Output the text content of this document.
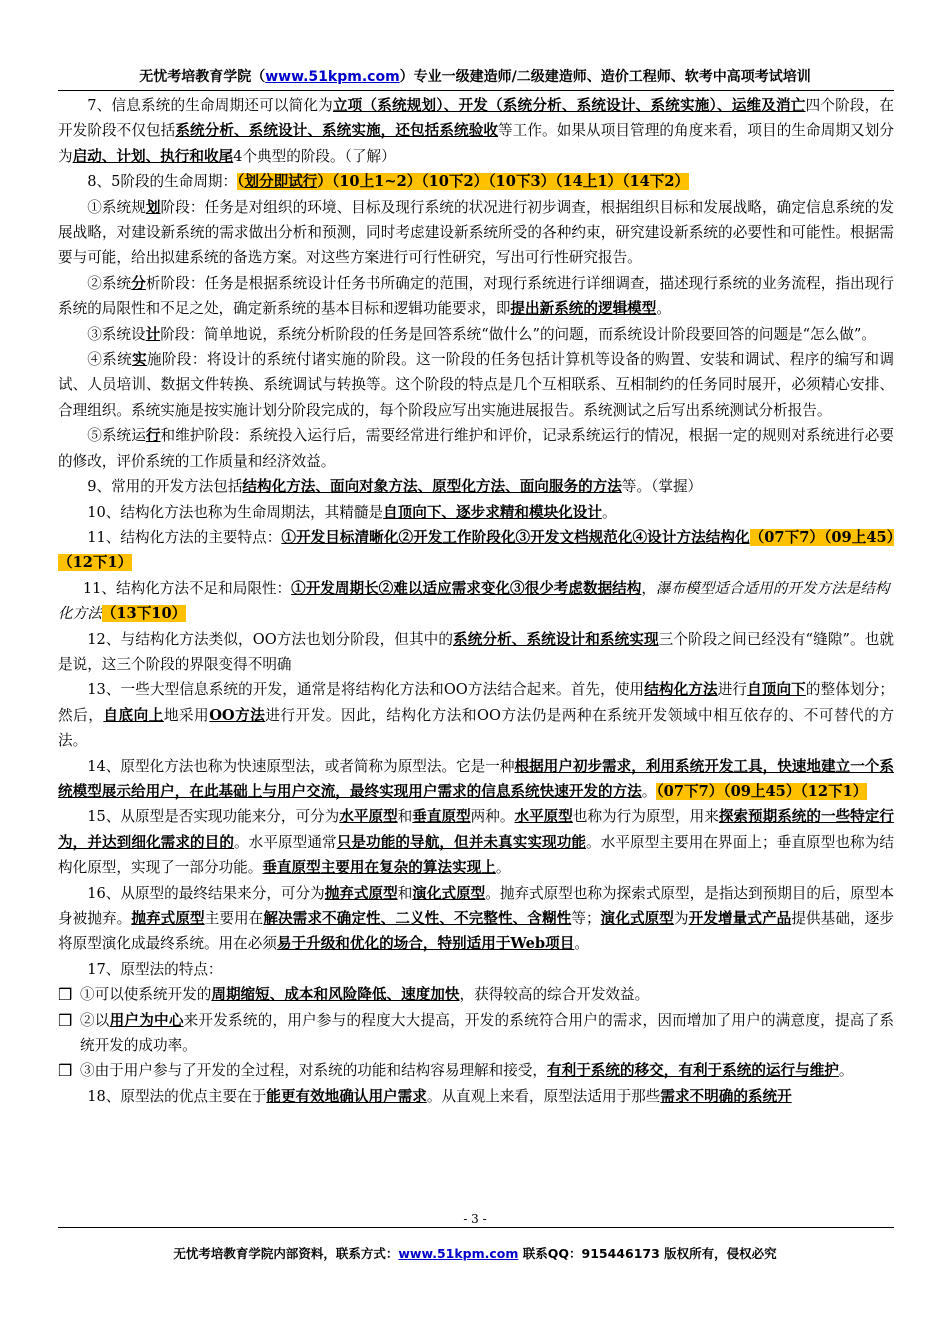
无忧考培教育学院（www.51kpm.com）专业一级建造师/二级建造师、造价工程师、软考中高项考试培训

7、信息系统的生命周期还可以简化为立项（系统规划）、开发（系统分析、系统设计、系统实施）、运维及消亡四个阶段，在开发阶段不仅包括系统分析、系统设计、系统实施，还包括系统验收等工作。如果从项目管理的角度来看，项目的生命周期又划分为启动、计划、执行和收尾4个典型的阶段。（了解）

8、5阶段的生命周期：（划分即试行）（10上1~2）（10下2）（10下3）（14上1）（14下2）

①系统规划阶段：任务是对组织的环境、目标及现行系统的状况进行初步调查，根据组织目标和发展战略，确定信息系统的发展战略，对建设新系统的需求做出分析和预测，同时考虑建设新系统所受的各种约束，研究建设新系统的必要性和可能性。根据需要与可能，给出拟建系统的备选方案。对这些方案进行可行性研究，写出可行性研究报告。

②系统分析阶段：任务是根据系统设计任务书所确定的范围，对现行系统进行详细调查，描述现行系统的业务流程，指出现行系统的局限性和不足之处，确定新系统的基本目标和逻辑功能要求，即提出新系统的逻辑模型。

③系统设计阶段：简单地说，系统分析阶段的任务是回答系统“做什么”的问题，而系统设计阶段要回答的问题是“怎么做”。

④系统实施阶段：将设计的系统付诸实施的阶段。这一阶段的任务包括计算机等设备的购置、安装和调试、程序的编写和调试、人员培训、数据文件转换、系统调试与转换等。这个阶段的特点是几个互相联系、互相制约的任务同时展开，必须精心安排、合理组织。系统实施是按实施计划分阶段完成的，每个阶段应写出实施进展报告。系统测试之后写出系统测试分析报告。

⑤系统运行和维护阶段：系统投入运行后，需要经常进行维护和评价，记录系统运行的情况，根据一定的规则对系统进行必要的修改，评价系统的工作质量和经济效益。

9、常用的开发方法包括结构化方法、面向对象方法、原型化方法、面向服务的方法等。（掌握）

10、结构化方法也称为生命周期法，其精髓是自顶向下、逐步求精和模块化设计。

11、结构化方法的主要特点：①开发目标清晰化②开发工作阶段化③开发文档规范化④设计方法结构化（07下7）（09上45）（12下1）

11、结构化方法不足和局限性：①开发周期长②难以适应需求变化③很少考虑数据结构，瀑布模型适合适用的开发方法是结构化方法（13下10）

12、与结构化方法类似，OO方法也划分阶段，但其中的系统分析、系统设计和系统实现三个阶段之间已经没有“缝隙”。也就是说，这三个阶段的界限变得不明确

13、一些大型信息系统的开发，通常是将结构化方法和OO方法结合起来。首先，使用结构化方法进行自顶向下的整体划分；然后，自底向上地采用OO方法进行开发。因此，结构化方法和OO方法仍是两种在系统开发领域中相互依存的、不可替代的方法。

14、原型化方法也称为快速原型法，或者简称为原型法。它是一种根据用户初步需求，利用系统开发工具，快速地建立一个系统模型展示给用户，在此基础上与用户交流，最终实现用户需求的信息系统快速开发的方法。（07下7）（09上45）（12下1）

15、从原型是否实现功能来分，可分为水平原型和垂直原型两种。水平原型也称为行为原型，用来探索预期系统的一些特定行为，并达到细化需求的目的。水平原型通常只是功能的导航，但并未真实实现功能。水平原型主要用在界面上；垂直原型也称为结构化原型，实现了一部分功能。垂直原型主要用在复杂的算法实现上。

16、从原型的最终结果来分，可分为抛弃式原型和演化式原型。抛弃式原型也称为探索式原型，是指达到预期目的后，原型本身被抛弃。抛弃式原型主要用在解决需求不确定性、二义性、不完整性、含糊性等；演化式原型为开发增量式产品提供基础，逐步将原型演化成最终系统。用在必须易于升级和优化的场合，特别适用于Web项目。

17、原型法的特点：

❒ ①可以使系统开发的周期缩短、成本和风险降低、速度加快，获得较高的综合开发效益。
❒ ②以用户为中心来开发系统的，用户参与的程度大大提高，开发的系统符合用户的需求，因而增加了用户的满意度，提高了系统开发的成功率。
❒ ③由于用户参与了开发的全过程，对系统的功能和结构容易理解和接受，有利于系统的移交，有利于系统的运行与维护。

18、原型法的优点主要在于能更有效地确认用户需求。从直观上来看，原型法适用于那些需求不明确的系统开

- 3 -
无忧考培教育学院内部资料，联系方式：www.51kpm.com 联系QQ：915446173 版权所有，侵权必究
